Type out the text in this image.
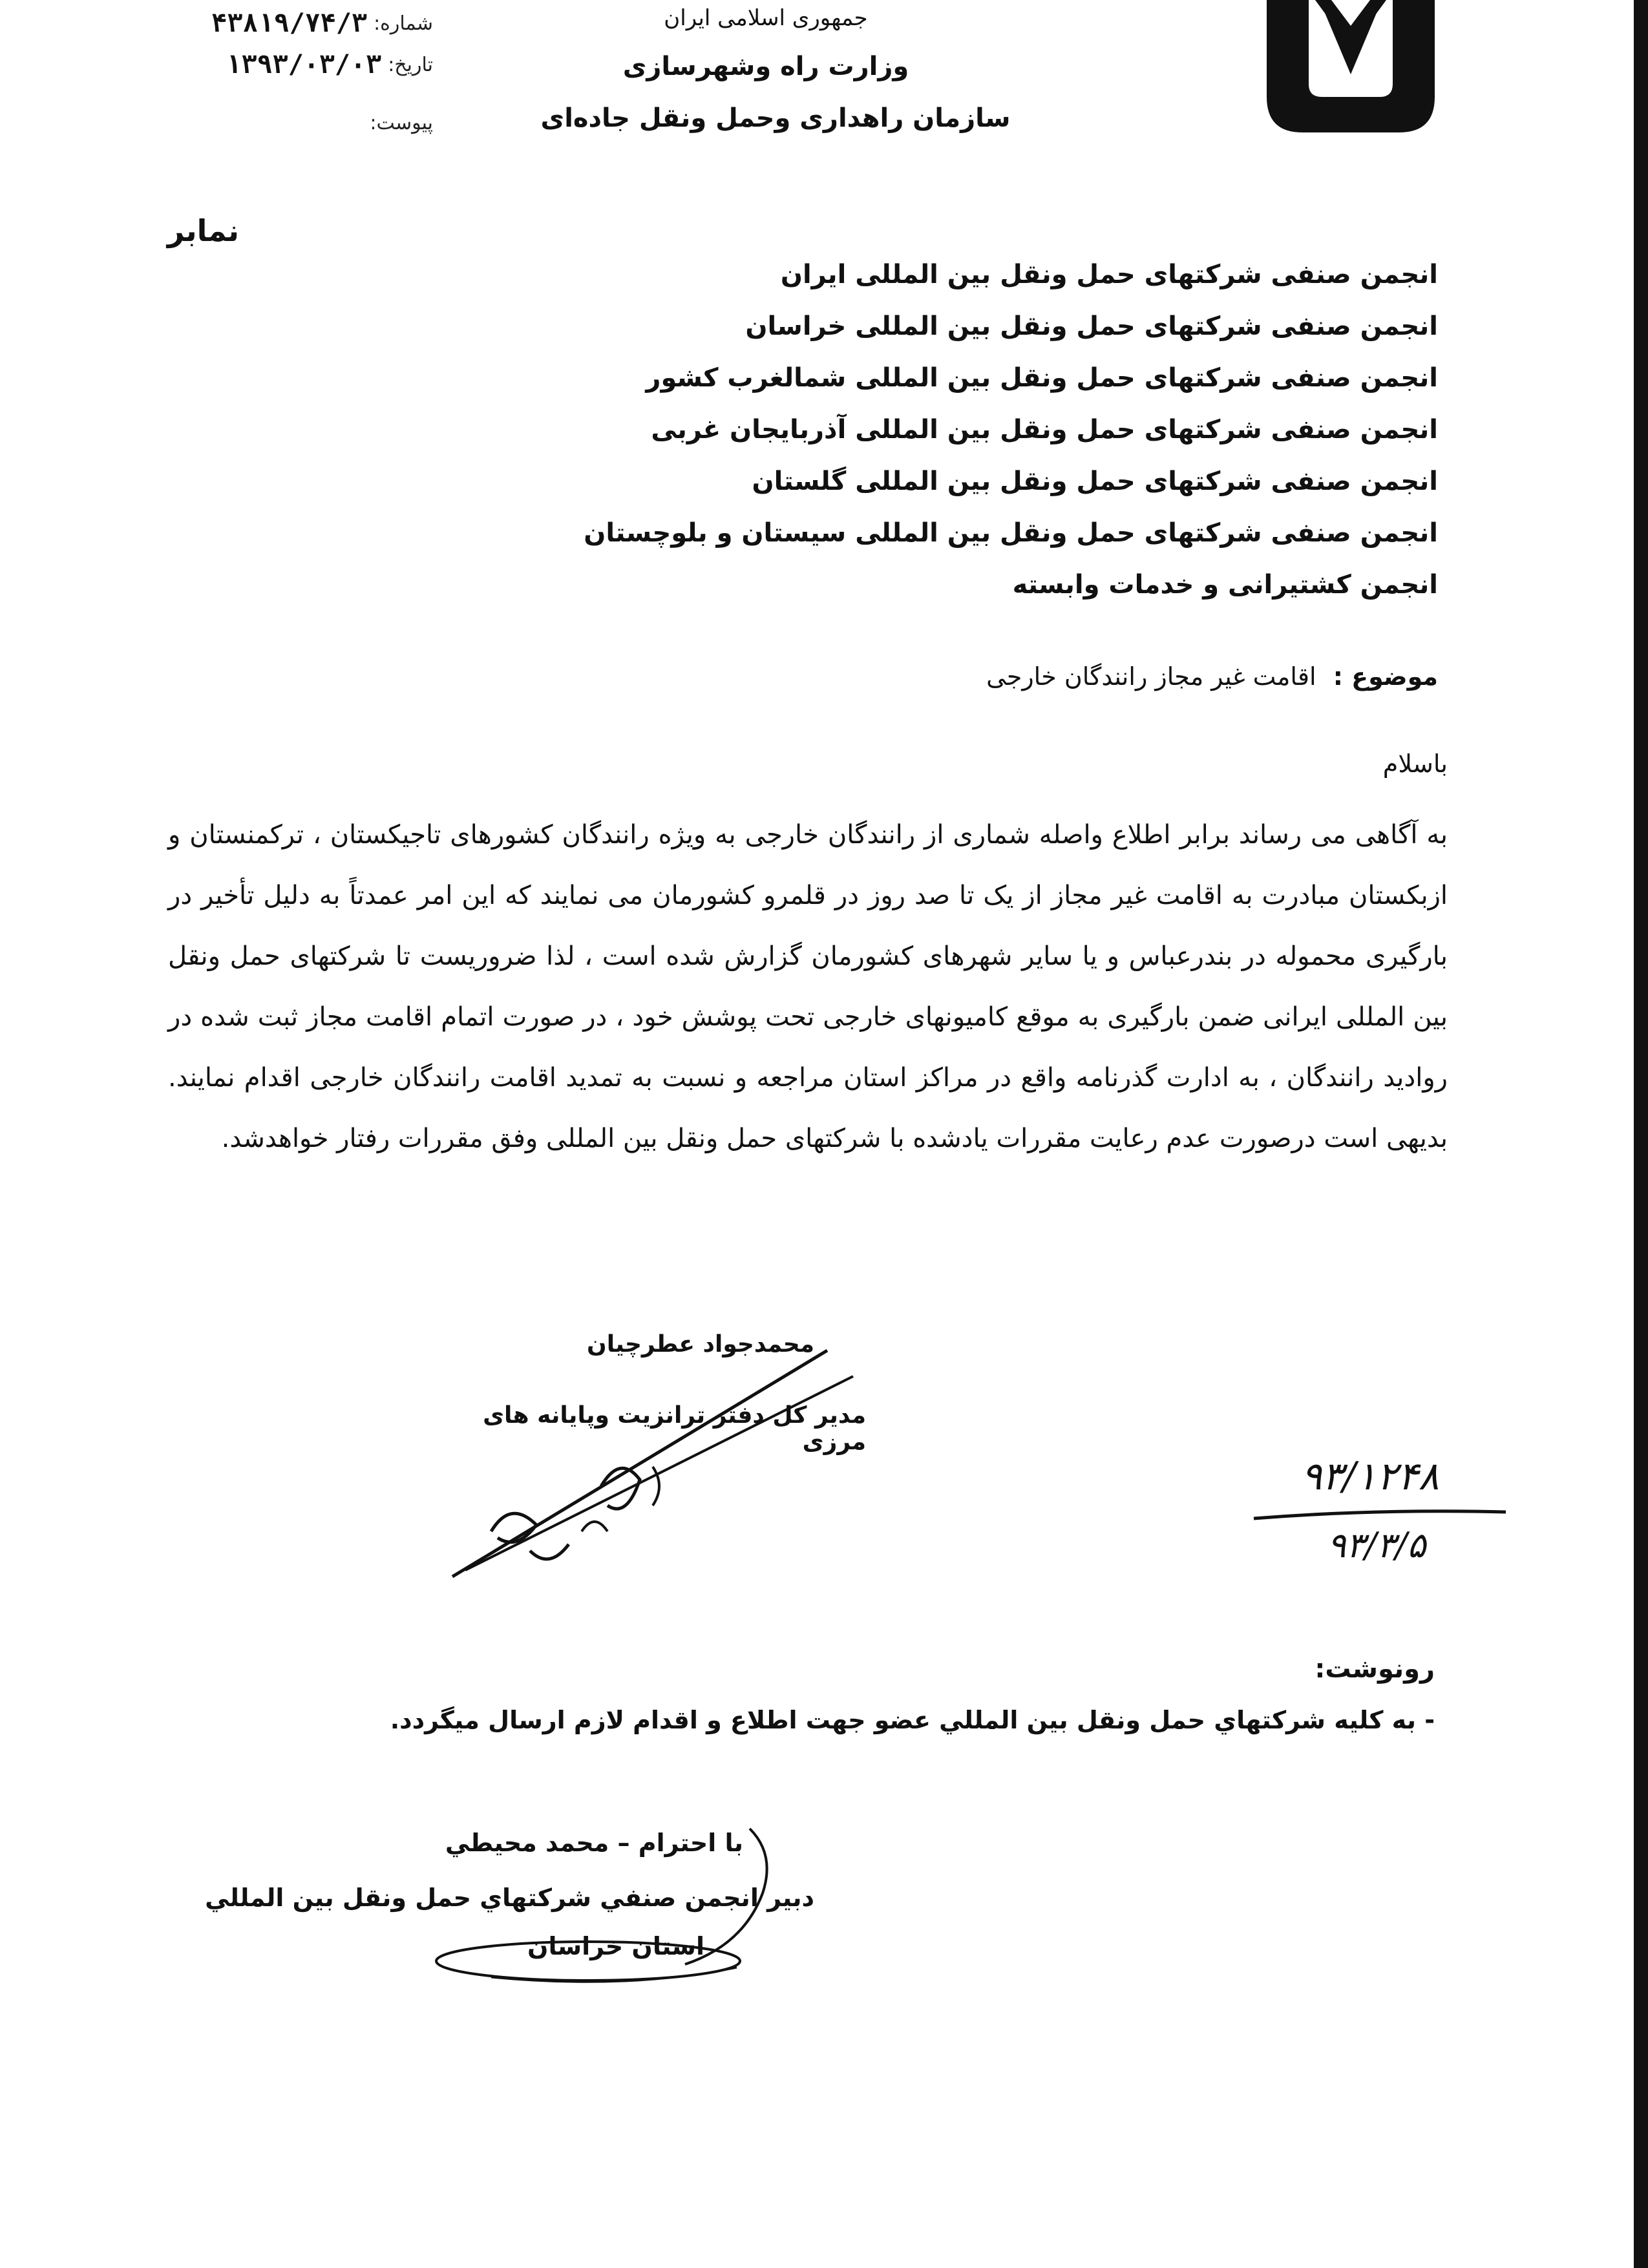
جمهوری اسلامی ایران
وزارت راه وشهرسازی
سازمان راهداری وحمل ونقل جاده‌ای
شماره:
۴۳۸۱۹/۷۴/۳
تاریخ:
۱۳۹۳/۰۳/۰۳
پیوست:
نمابر
انجمن صنفی شرکتهای حمل ونقل بین المللی ایران
انجمن صنفی شرکتهای حمل ونقل بین المللی خراسان
انجمن صنفی شرکتهای حمل ونقل بین المللی شمالغرب کشور
انجمن صنفی شرکتهای حمل ونقل بین المللی آذربایجان غربی
انجمن صنفی شرکتهای حمل ونقل بین المللی گلستان
انجمن صنفی شرکتهای حمل ونقل بین المللی سیستان و بلوچستان
انجمن کشتیرانی و خدمات وابسته
موضوع : اقامت غیر مجاز رانندگان خارجی
باسلام

به آگاهی می رساند برابر اطلاع واصله شماری از رانندگان خارجی به ویژه رانندگان کشورهای تاجیکستان ، ترکمنستان و ازبکستان مبادرت به اقامت غیر مجاز از یک تا صد روز در قلمرو کشورمان می نمایند که این امر عمدتاً به دلیل تأخیر در بارگیری محموله در بندرعباس و یا سایر شهرهای کشورمان گزارش شده است ، لذا ضروریست تا شرکتهای حمل ونقل بین المللی ایرانی ضمن بارگیری به موقع کامیونهای خارجی تحت پوشش خود ، در صورت اتمام اقامت مجاز ثبت شده در روادید رانندگان ، به ادارت گذرنامه واقع در مراکز استان مراجعه و نسبت به تمدید اقامت رانندگان خارجی اقدام نمایند. بدیهی است درصورت عدم رعایت مقررات یادشده با شرکتهای حمل ونقل بین المللی وفق مقررات رفتار خواهدشد.

محمدجواد عطرچیان
مدیر کل دفتر ترانزیت وپایانه های مرزی
۹۳/۱۲۴۸
۹۳/۳/۵
رونوشت:
- به کلیه شرکتهاي حمل ونقل بین المللي عضو جهت اطلاع و اقدام لازم ارسال میگردد.
با احترام – محمد محیطي
دبیر انجمن صنفي شرکتهاي حمل ونقل بین المللي
استان خراسان
